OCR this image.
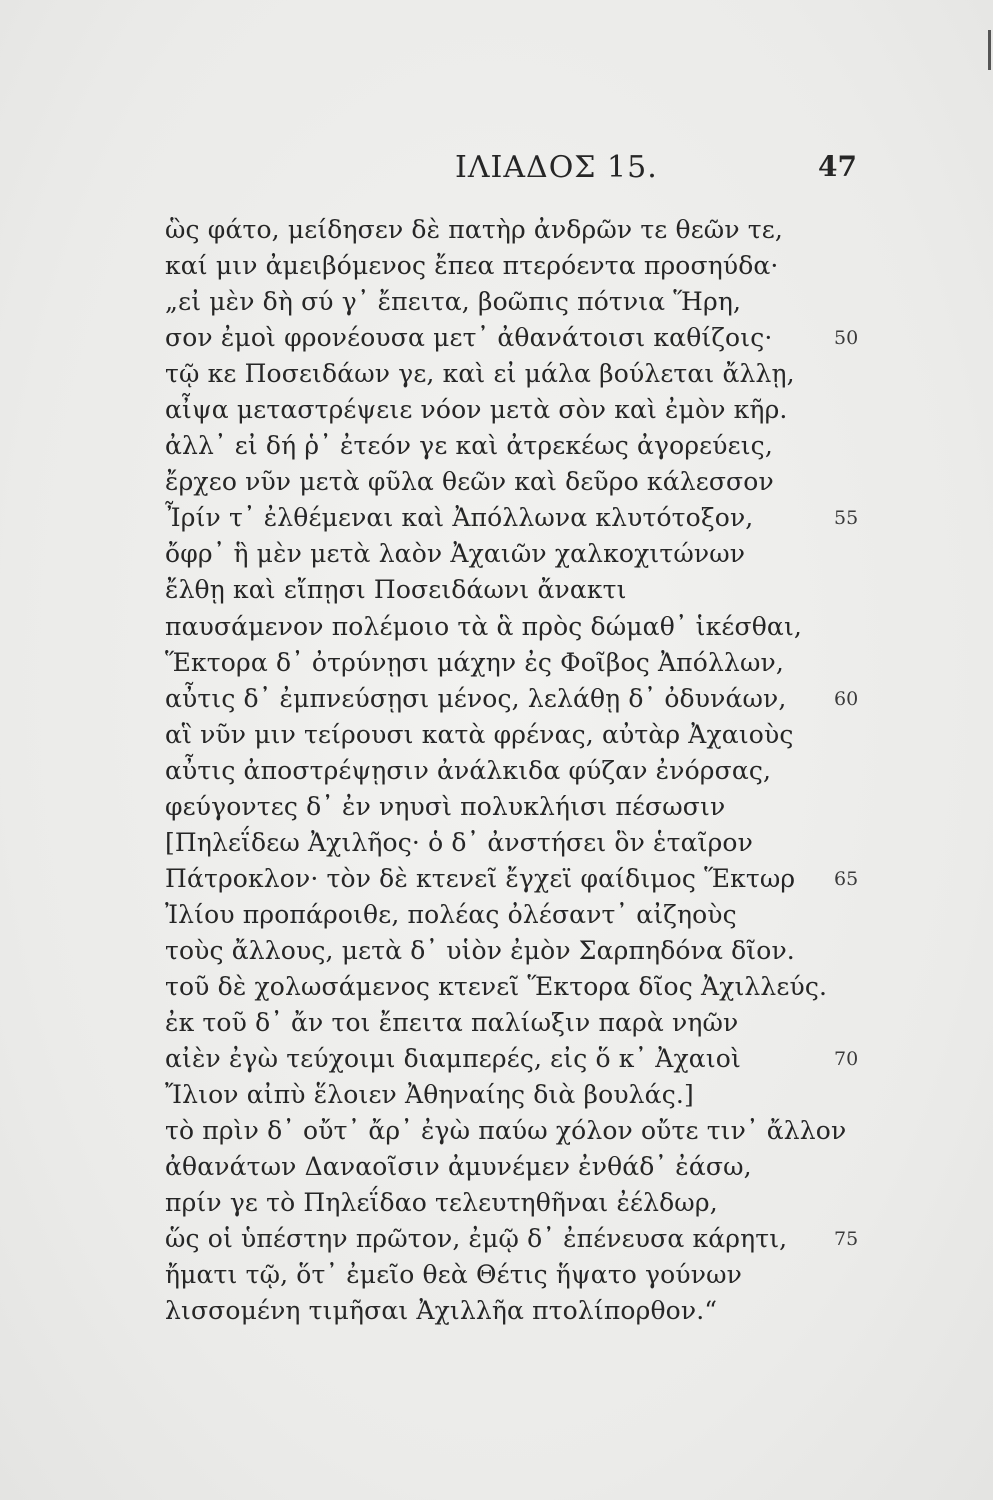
ΙΛΙΑΔΟΣ 15.	47
ὣς φάτο, μείδησεν δὲ πατὴρ ἀνδρῶν τε θεῶν τε,
καί μιν ἀμειβόμενος ἔπεα πτερόεντα προσηύδα·
„εἰ μὲν δὴ σύ γ᾽ ἔπειτα, βοῶπις πότνια Ἥρη,
σον ἐμοὶ φρονέουσα μετ᾽ ἀθανάτοισι καθίζοις·	50
τῷ κε Ποσειδάων γε, καὶ εἰ μάλα βούλεται ἄλλῃ,
αἶψα μεταστρέψειε νόον μετὰ σὸν καὶ ἐμὸν κῆρ.
ἀλλ᾽ εἰ δή ῥ᾽ ἐτεόν γε καὶ ἀτρεκέως ἀγορεύεις,
ἔρχεο νῦν μετὰ φῦλα θεῶν καὶ δεῦρο κάλεσσον
Ἶρίν τ᾽ ἐλθέμεναι καὶ Ἀπόλλωνα κλυτότοξον,	55
ὄφρ᾽ ἣ μὲν μετὰ λαὸν Ἀχαιῶν χαλκοχιτώνων
ἔλθῃ καὶ εἴπῃσι Ποσειδάωνι ἄνακτι
παυσάμενον πολέμοιο τὰ ἃ πρὸς δώμαθ᾽ ἱκέσθαι,
Ἕκτορα δ᾽ ὀτρύνῃσι μάχην ἐς Φοῖβος Ἀπόλλων,
αὖτις δ᾽ ἐμπνεύσῃσι μένος, λελάθῃ δ᾽ ὀδυνάων,	60
αἳ νῦν μιν τείρουσι κατὰ φρένας, αὐτὰρ Ἀχαιοὺς
αὖτις ἀποστρέψῃσιν ἀνάλκιδα φύζαν ἐνόρσας,
φεύγοντες δ᾽ ἐν νηυσὶ πολυκλήισι πέσωσιν
[Πηλεΐδεω Ἀχιλῆος· ὁ δ᾽ ἀνστήσει ὃν ἑταῖρον
Πάτροκλον· τὸν δὲ κτενεῖ ἔγχεϊ φαίδιμος Ἕκτωρ 65
Ἰλίου προπάροιθε, πολέας ὀλέσαντ᾽ αἰζηοὺς
τοὺς ἄλλους, μετὰ δ᾽ υἱὸν ἐμὸν Σαρπηδόνα δῖον.
τοῦ δὲ χολωσάμενος κτενεῖ Ἕκτορα δῖος Ἀχιλλεύς.
ἐκ τοῦ δ᾽ ἄν τοι ἔπειτα παλίωξιν παρὰ νηῶν
αἰὲν ἐγὼ τεύχοιμι διαμπερές, εἰς ὅ κ᾽ Ἀχαιοὶ	70
Ἴλιον αἰπὺ ἕλοιεν Ἀθηναίης διὰ βουλάς.]
τὸ πρὶν δ᾽ οὔτ᾽ ἄρ᾽ ἐγὼ παύω χόλον οὔτε τιν᾽ ἄλλον
ἀθανάτων Δαναοῖσιν ἀμυνέμεν ἐνθάδ᾽ ἐάσω,
πρίν γε τὸ Πηλεΐδαο τελευτηθῆναι ἐέλδωρ,
ὥς οἱ ὑπέστην πρῶτον, ἐμῷ δ᾽ ἐπένευσα κάρητι, 75
ἤματι τῷ, ὅτ᾽ ἐμεῖο θεὰ Θέτις ἥψατο γούνων
λισσομένη τιμῆσαι Ἀχιλλῆα πτολίπορθον.“
